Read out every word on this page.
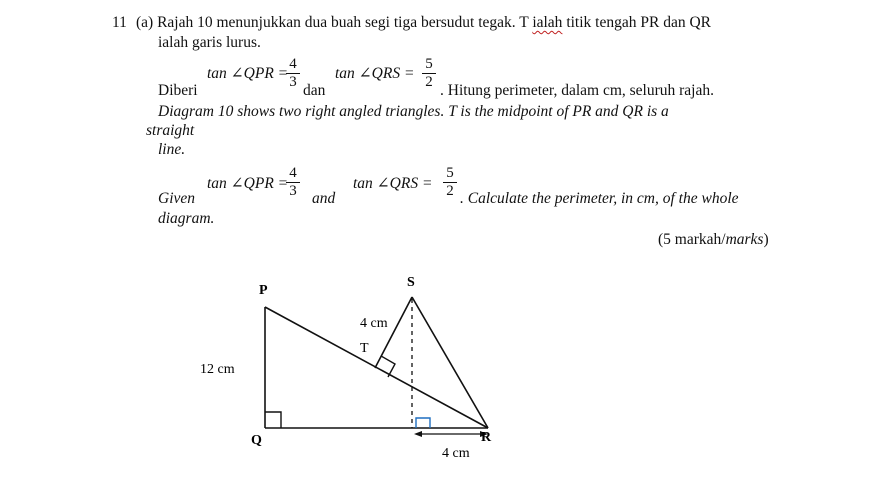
11 (a) Rajah 10 menunjukkan dua buah segi tiga bersudut tegak. T ialah titik tengah PR dan QR
ialah garis lurus.
Diberi
tan ∠QPR =
$\frac{4}{3}$ dan
tan ∠QRS = $\frac{5}{2}$ . Hitung perimeter, dalam cm, seluruh rajah.
Diagram 10 shows two right angled triangles. T is the midpoint of PR and QR is a
straight
line.
Given
tan ∠QPR =
$\frac{4}{3}$ and
tan ∠QRS = $\frac{5}{2}$ . Calculate the perimeter, in cm, of the whole
diagram.
(5 markah/marks)
P
Q	R
S
T
12 cm
4 cm
4 cm
